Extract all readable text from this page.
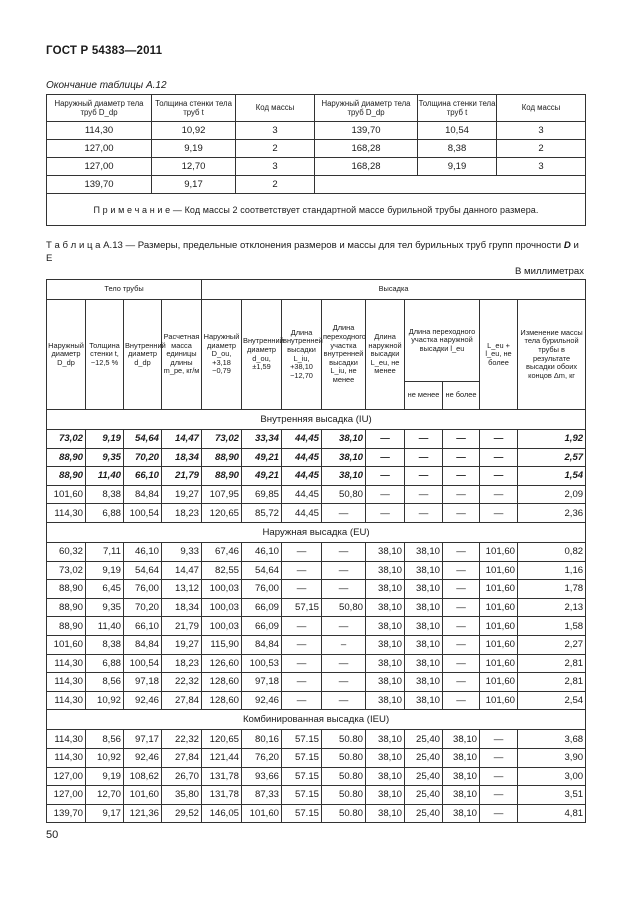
ГОСТ Р 54383—2011
Окончание таблицы А.12
Наружный диаметр тела труб D_dp	Толщина стенки тела труб t	Код массы	Наружный диаметр тела труб D_dp	Толщина стенки тела труб t	Код массы
114,30	10,92	3	139,70	10,54	3
127,00	9,19	2	168,28	8,38	2
127,00	12,70	3	168,28	9,19	3
139,70	9,17	2			
П р и м е ч а н и е — Код массы 2 соответствует стандартной массе бурильной трубы данного размера.					
Т а б л и ц а А.13 — Размеры, предельные отклонения размеров и массы для тел бурильных труб групп прочности D и E
В миллиметрах
Тело трубы				Высадка								
Наружный диаметр D_dp	Толщина стенки t, −12,5 %	Внутренний диаметр d_dp	Расчетная масса единицы длины m_pe, кг/м	Наружный диаметр D_ou, +3,18 −0,79	Внутренний диаметр d_ou, ±1,59	Длина внутренней высадки L_iu, +38,10 −12,70	Длина переходного участка внутренней высадки L_iu, не менее	Длина наружной высадки L_eu, не менее	Длина переходного участка наружной высадки l_eu		L_eu + l_eu, не более	Изменение массы тела бурильной трубы в результате высадки обоих концов Δm, кг
									не менее	не более		
Внутренняя высадка (IU)												
73,02	9,19	54,64	14,47	73,02	33,34	44,45	38,10	—	—	—	—	1,92
88,90	9,35	70,20	18,34	88,90	49,21	44,45	38,10	—	—	—	—	2,57
88,90	11,40	66,10	21,79	88,90	49,21	44,45	38,10	—	—	—	—	1,54
101,60	8,38	84,84	19,27	107,95	69,85	44,45	50,80	—	—	—	—	2,09
114,30	6,88	100,54	18,23	120,65	85,72	44,45	—	—	—	—	—	2,36
Наружная высадка (EU)												
60,32	7,11	46,10	9,33	67,46	46,10	—	—	38,10	38,10	—	101,60	0,82
73,02	9,19	54,64	14,47	82,55	54,64	—	—	38,10	38,10	—	101,60	1,16
88,90	6,45	76,00	13,12	100,03	76,00	—	—	38,10	38,10	—	101,60	1,78
88,90	9,35	70,20	18,34	100,03	66,09	57,15	50,80	38,10	38,10	—	101,60	2,13
88,90	11,40	66,10	21,79	100,03	66,09	—	—	38,10	38,10	—	101,60	1,58
101,60	8,38	84,84	19,27	115,90	84,84	—	–	38,10	38,10	—	101,60	2,27
114,30	6,88	100,54	18,23	126,60	100,53	—	—	38,10	38,10	—	101,60	2,81
114,30	8,56	97,18	22,32	128,60	97,18	—	—	38,10	38,10	—	101,60	2,81
114,30	10,92	92,46	27,84	128,60	92,46	—	—	38,10	38,10	—	101,60	2,54
Комбинированная высадка (IEU)												
114,30	8,56	97,17	22,32	120,65	80,16	57.15	50.80	38,10	25,40	38,10	—	3,68
114,30	10,92	92,46	27,84	121,44	76,20	57.15	50.80	38,10	25,40	38,10	—	3,90
127,00	9,19	108,62	26,70	131,78	93,66	57.15	50.80	38,10	25,40	38,10	—	3,00
127,00	12,70	101,60	35,80	131,78	87,33	57.15	50.80	38,10	25,40	38,10	—	3,51
139,70	9,17	121,36	29,52	146,05	101,60	57.15	50.80	38,10	25,40	38,10	—	4,81
50
